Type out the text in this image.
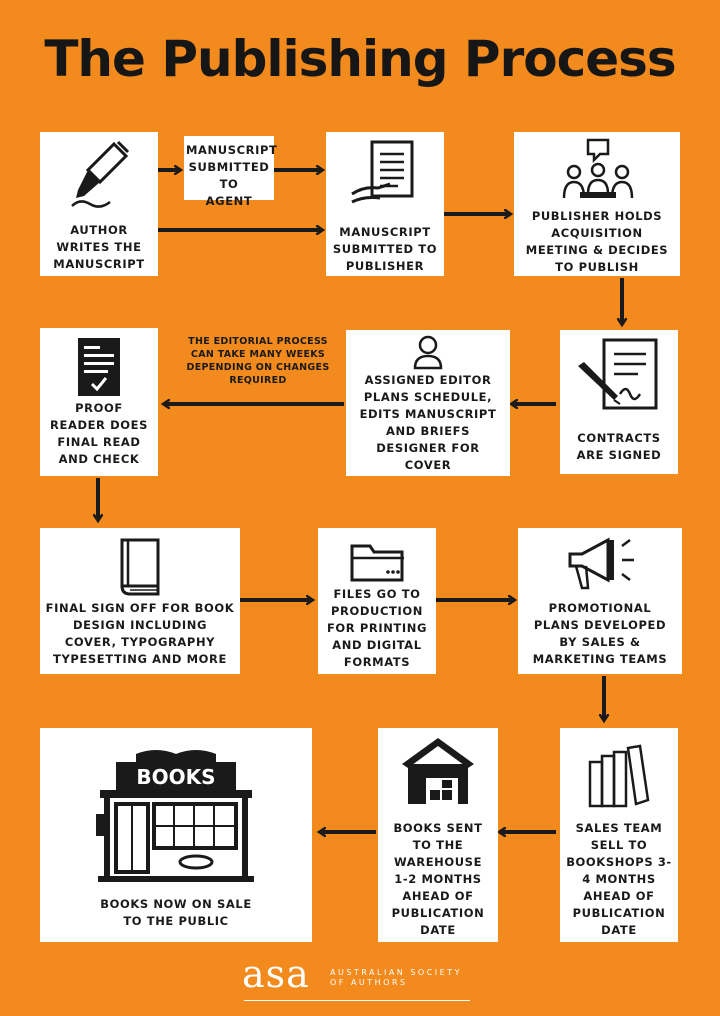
The Publishing Process
AUTHOR
WRITES THE
MANUSCRIPT
MANUSCRIPT
SUBMITTED TO
AGENT
MANUSCRIPT
SUBMITTED TO
PUBLISHER
PUBLISHER HOLDS
ACQUISITION
MEETING & DECIDES
TO PUBLISH
PROOF
READER DOES
FINAL READ
AND CHECK
THE EDITORIAL PROCESS
CAN TAKE MANY WEEKS
DEPENDING ON CHANGES
REQUIRED	ASSIGNED EDITOR
PLANS SCHEDULE,
EDITS MANUSCRIPT
AND BRIEFS
DESIGNER FOR
COVER
CONTRACTS
ARE SIGNED
FINAL SIGN OFF FOR BOOK
DESIGN INCLUDING
COVER, TYPOGRAPHY
TYPESETTING AND MORE
FILES GO TO
PRODUCTION
FOR PRINTING
AND DIGITAL
FORMATS
PROMOTIONAL
PLANS DEVELOPED
BY SALES &
MARKETING TEAMS
BOOKS
BOOKS NOW ON SALE
TO THE PUBLIC
BOOKS SENT
TO THE
WAREHOUSE
1-2 MONTHS
AHEAD OF
PUBLICATION
DATE
SALES TEAM
SELL TO
BOOKSHOPS 3-
4 MONTHS
AHEAD OF
PUBLICATION
DATE
asa	AUSTRALIAN SOCIETY
OF AUTHORS
